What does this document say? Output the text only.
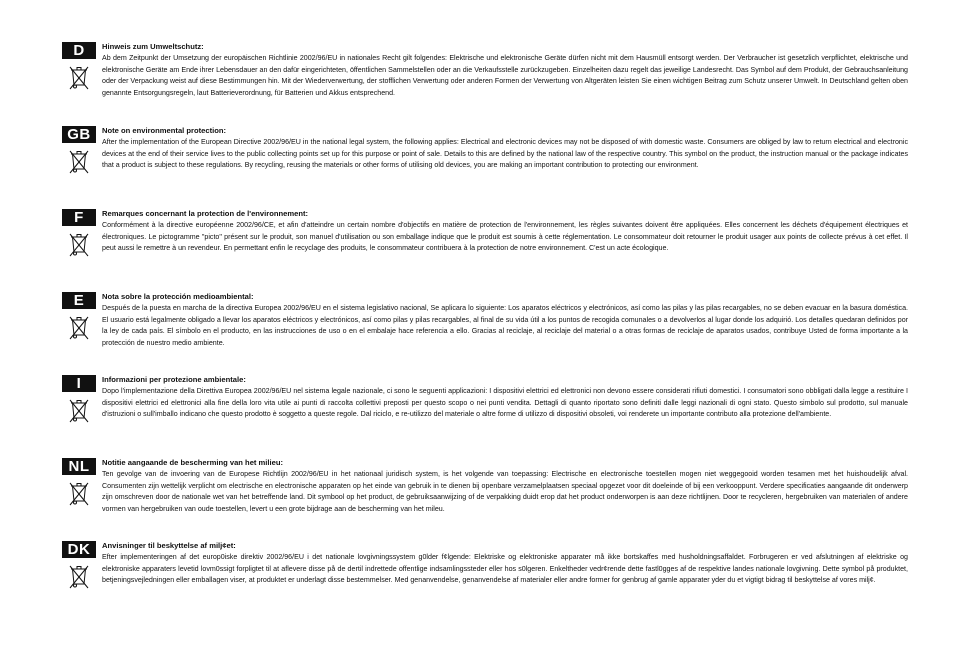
D	Hinweis zum Umweltschutz:

Ab dem Zeitpunkt der Umsetzung der europäischen Richtlinie 2002/96/EU in nationales Recht gilt folgendes: Elektrische und elektronische Geräte dürfen nicht mit dem Hausmüll entsorgt werden. Der Verbraucher ist gesetzlich verpflichtet, elektrische und elektronische Geräte am Ende ihrer Lebensdauer an den dafür eingerichteten, öffentlichen Sammelstellen oder an die Verkaufsstelle zurückzugeben. Einzelheiten dazu regelt das jeweilige Landesrecht. Das Symbol auf dem Produkt, der Gebrauchsanleitung oder der Verpackung weist auf diese Bestimmungen hin. Mit der Wiederverwertung, der stofflichen Verwertung oder anderen Formen der Verwertung von Altgeräten leisten Sie einen wichtigen Beitrag zum Schutz unserer Umwelt. In Deutschland gelten oben genannte Entsorgungsregeln, laut Batterieverordnung, für Batterien und Akkus entsprechend.

GB	Note on environmental protection:

After the implementation of the European Directive 2002/96/EU in the national legal system, the following applies: Electrical and electronic devices may not be disposed of with domestic waste. Consumers are obliged by law to return electrical and electronic devices at the end of their service lives to the public collecting points set up for this purpose or point of sale. Details to this are defined by the national law of the respective country. This symbol on the product, the instruction manual or the package indicates that a product is subject to these regulations. By recycling, reusing the materials or other forms of utilising old devices, you are making an important contribution to protecting our environment.

F	Remarques concernant la protection de l'environnement:

Conformément à la directive européenne 2002/96/CE, et afin d'atteindre un certain nombre d'objectifs en matière de protection de l'environnement, les règles suivantes doivent être appliquées. Elles concernent les déchets d'équipement électriques et électroniques. Le pictogramme "picto" présent sur le produit, son manuel d'utilisation ou son emballage indique que le produit est soumis à cette réglementation. Le consommateur doit retourner le produit usager aux points de collecte prévus à cet effet. Il peut aussi le remettre à un revendeur. En permettant enfin le recyclage des produits, le consommateur contribuera à la protection de notre environnement. C'est un acte écologique.

E	Nota sobre la protección medioambiental:

Después de la puesta en marcha de la directiva Europea 2002/96/EU en el sistema legislativo nacional, Se aplicara lo siguiente: Los aparatos eléctricos y electrónicos, así como las pilas y las pilas recargables, no se deben evacuar en la basura doméstica. El usuario está legalmente obligado a llevar los aparatos eléctricos y electrónicos, así como pilas y pilas recargables, al final de su vida útil a los puntos de recogida comunales o a devolverlos al lugar donde los adquirió. Los detalles quedaran definidos por la ley de cada país. El símbolo en el producto, en las instrucciones de uso o en el embalaje hace referencia a ello. Gracias al reciclaje, al reciclaje del material o a otras formas de reciclaje de aparatos usados, contribuye Usted de forma importante a la protección de nuestro medio ambiente.

I	Informazioni per protezione ambientale:

Dopo l'implementazione della Direttiva Europea 2002/96/EU nel sistema legale nazionale, ci sono le seguenti applicazioni: I dispositivi elettrici ed elettronici non devono essere considerati rifiuti domestici. I consumatori sono obbligati dalla legge a restituire I dispositivi elettrici ed elettronici alla fine della loro vita utile ai punti di raccolta collettivi preposti per questo scopo o nei punti vendita. Dettagli di quanto riportato sono definiti dalle leggi nazionali di ogni stato. Questo simbolo sul prodotto, sul manuale d'istruzioni o sull'imballo indicano che questo prodotto è soggetto a queste regole. Dal riciclo, e re-utilizzo del materiale o altre forme di utilizzo di dispositivi obsoleti, voi renderete un importante contributo alla protezione dell'ambiente.

NL	Notitie aangaande de bescherming van het milieu:

Ten gevolge van de invoering van de Europese Richtlijn 2002/96/EU in het nationaal juridisch system, is het volgende van toepassing: Electrische en electronische toestellen mogen niet weggegooid worden tesamen met het huishoudelijk afval. Consumenten zijn wettelijk verplicht om electrische en electronische apparaten op het einde van gebruik in te dienen bij openbare verzamelplaatsen speciaal opgezet voor dit doeleinde of bij een verkooppunt. Verdere specificaties aangaande dit onderwerp zijn omschreven door de nationale wet van het betreffende land. Dit symbool op het product, de gebruiksaanwijzing of de verpakking duidt erop dat het product onderworpen is aan deze richtlijnen. Door te recycleren, hergebruiken van materialen of andere vormen van hergebruiken van oude toestellen, levert u een grote bijdrage aan de bescherming van het mileu.

DK	Anvisninger til beskyttelse af milj¢et:

Efter implementeringen af det europ0iske direktiv 2002/96/EU i det nationale lovgivningssystem g0lder f¢lgende: Elektriske og elektroniske apparater må ikke bortskaffes med husholdningsaffaldet. Forbrugeren er ved afslutningen af elektriske og elektroniske apparaters levetid lovm0ssigt forpligtet til at aflevere disse på de dertil indrettede offentlige indsamlingssteder eller hos s0lgeren. Enkeltheder vedr¢rende dette fastl0gges af de respektive landes nationale lovgivning. Dette symbol på produktet, betjeningsvejledningen eller emballagen viser, at produktet er underlagt disse bestemmelser. Med genanvendelse, genanvendelse af materialer eller andre former for genbrug af gamle apparater yder du et vigtigt bidrag til beskyttelse af vores milj¢.
